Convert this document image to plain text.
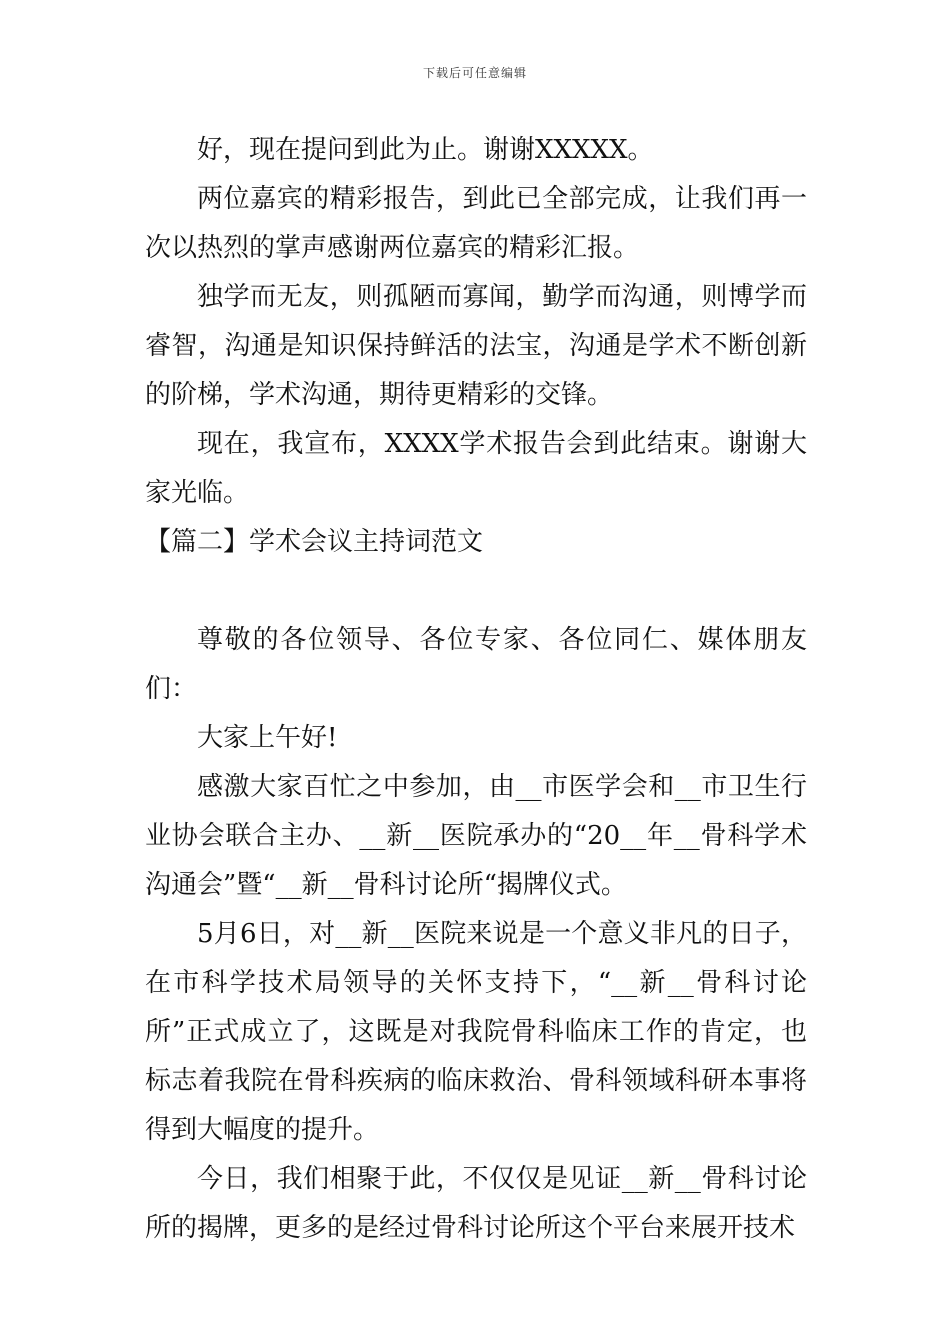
下载后可任意编辑

好，现在提问到此为止。谢谢XXXXX。

两位嘉宾的精彩报告，到此已全部完成，让我们再一次以热烈的掌声感谢两位嘉宾的精彩汇报。

独学而无友，则孤陋而寡闻，勤学而沟通，则博学而睿智，沟通是知识保持鲜活的法宝，沟通是学术不断创新的阶梯，学术沟通，期待更精彩的交锋。

现在，我宣布，XXXX学术报告会到此结束。谢谢大家光临。

【篇二】学术会议主持词范文

尊敬的各位领导、各位专家、各位同仁、媒体朋友们：

大家上午好!

感激大家百忙之中参加，由__市医学会和__市卫生行业协会联合主办、__新__医院承办的“20__年__骨科学术沟通会”暨“__新__骨科讨论所“揭牌仪式。

5月6日，对__新__医院来说是一个意义非凡的日子，在市科学技术局领导的关怀支持下，“__新__骨科讨论所”正式成立了，这既是对我院骨科临床工作的肯定，也标志着我院在骨科疾病的临床救治、骨科领域科研本事将得到大幅度的提升。

今日，我们相聚于此，不仅仅是见证__新__骨科讨论所的揭牌，更多的是经过骨科讨论所这个平台来展开技术
